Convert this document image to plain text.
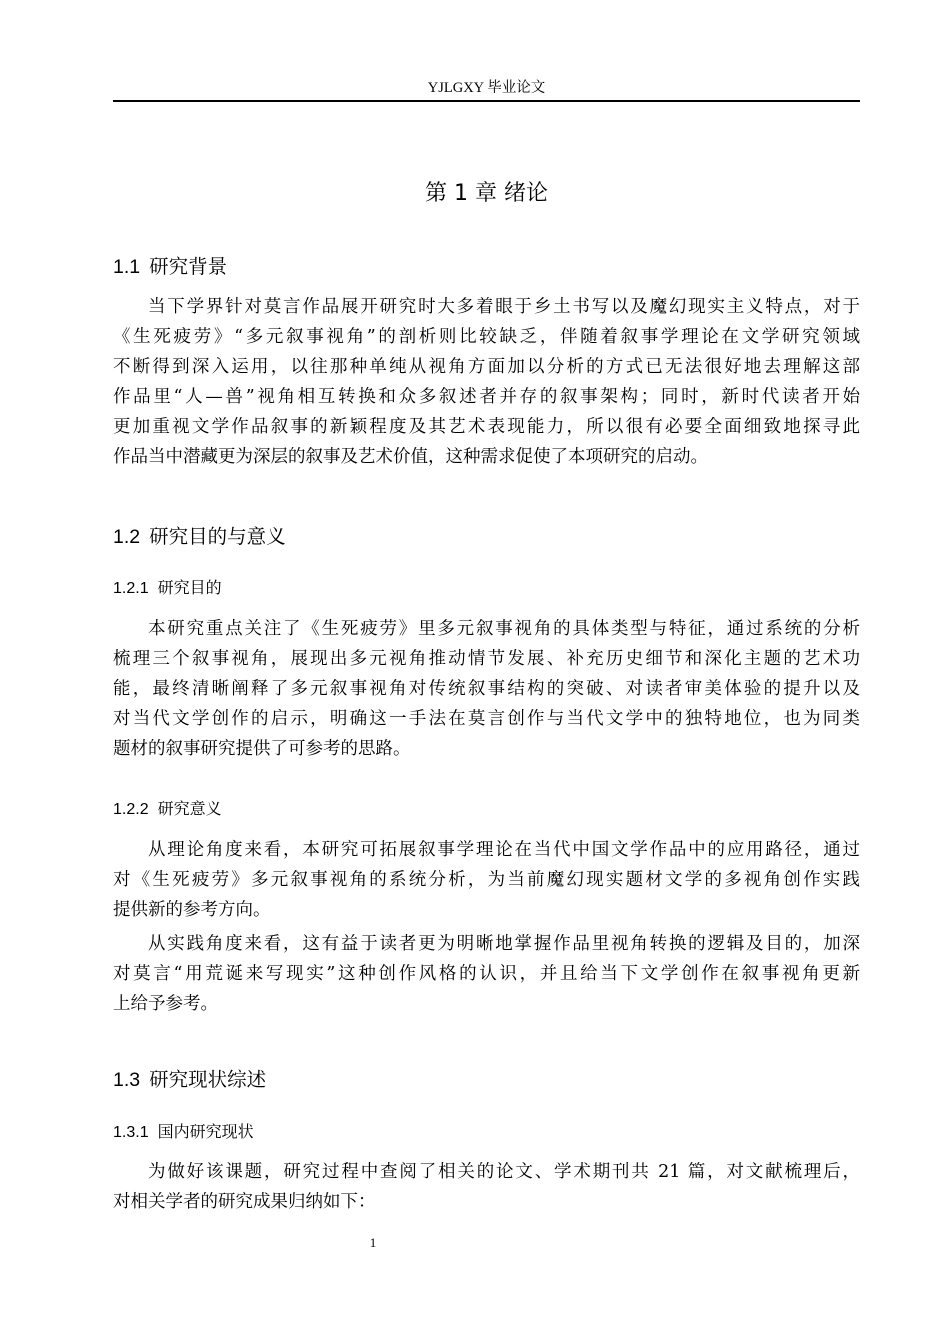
YJLGXY 毕业论文
第 1 章 绪论
1.1 研究背景
当下学界针对莫言作品展开研究时大多着眼于乡土书写以及魔幻现实主义特点，对于
《生死疲劳》“多元叙事视角”的剖析则比较缺乏，伴随着叙事学理论在文学研究领域
不断得到深入运用，以往那种单纯从视角方面加以分析的方式已无法很好地去理解这部
作品里“人—兽”视角相互转换和众多叙述者并存的叙事架构；同时，新时代读者开始
更加重视文学作品叙事的新颖程度及其艺术表现能力，所以很有必要全面细致地探寻此
作品当中潜藏更为深层的叙事及艺术价值，这种需求促使了本项研究的启动。
1.2 研究目的与意义
1.2.1 研究目的
本研究重点关注了《生死疲劳》里多元叙事视角的具体类型与特征，通过系统的分析
梳理三个叙事视角，展现出多元视角推动情节发展、补充历史细节和深化主题的艺术功
能，最终清晰阐释了多元叙事视角对传统叙事结构的突破、对读者审美体验的提升以及
对当代文学创作的启示，明确这一手法在莫言创作与当代文学中的独特地位，也为同类
题材的叙事研究提供了可参考的思路。
1.2.2 研究意义
从理论角度来看，本研究可拓展叙事学理论在当代中国文学作品中的应用路径，通过
对《生死疲劳》多元叙事视角的系统分析，为当前魔幻现实题材文学的多视角创作实践
提供新的参考方向。
从实践角度来看，这有益于读者更为明晰地掌握作品里视角转换的逻辑及目的，加深
对莫言“用荒诞来写现实”这种创作风格的认识，并且给当下文学创作在叙事视角更新
上给予参考。
1.3 研究现状综述
1.3.1 国内研究现状
为做好该课题，研究过程中查阅了相关的论文、学术期刊共 21 篇，对文献梳理后，
对相关学者的研究成果归纳如下：
1
